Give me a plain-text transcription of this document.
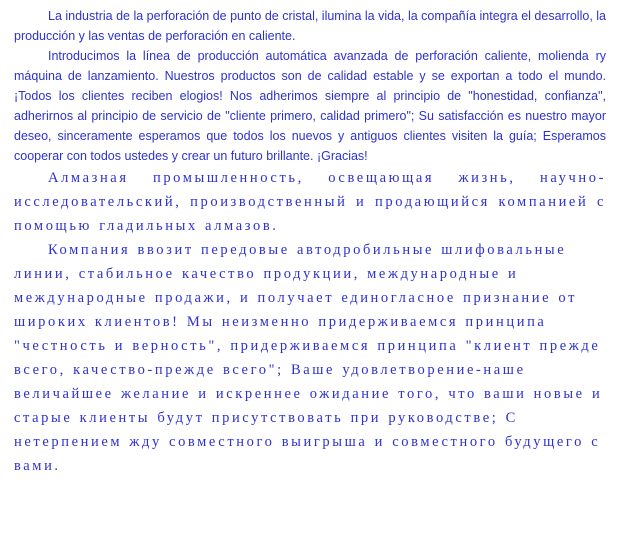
La industria de la perforación de punto de cristal, ilumina la vida, la compañía integra el desarrollo, la producción y las ventas de perforación en caliente.

Introducimos la línea de producción automática avanzada de perforación caliente, molienda ry máquina de lanzamiento. Nuestros productos son de calidad estable y se exportan a todo el mundo. ¡Todos los clientes reciben elogios! Nos adherimos siempre al principio de "honestidad, confianza", adherirnos al principio de servicio de "cliente primero, calidad primero"; Su satisfacción es nuestro mayor deseo, sinceramente esperamos que todos los nuevos y antiguos clientes visiten la guía; Esperamos cooperar con todos ustedes y crear un futuro brillante. ¡Gracias!

Алмазная промышленность, освещающая жизнь, научно-исследовательский, производственный и продающийся компанией с помощью гладильных алмазов.

Компания ввозит передовые автодробильные шлифовальные линии, стабильное качество продукции, международные и международные продажи, и получает единогласное признание от широких клиентов! Мы неизменно придерживаемся принципа "честность и верность", придерживаемся принципа "клиент прежде всего, качество-прежде всего"; Ваше удовлетворение-наше величайшее желание и искреннее ожидание того, что ваши новые и старые клиенты будут присутствовать при руководстве; С нетерпением жду совместного выигрыша и совместного будущего с вами.
